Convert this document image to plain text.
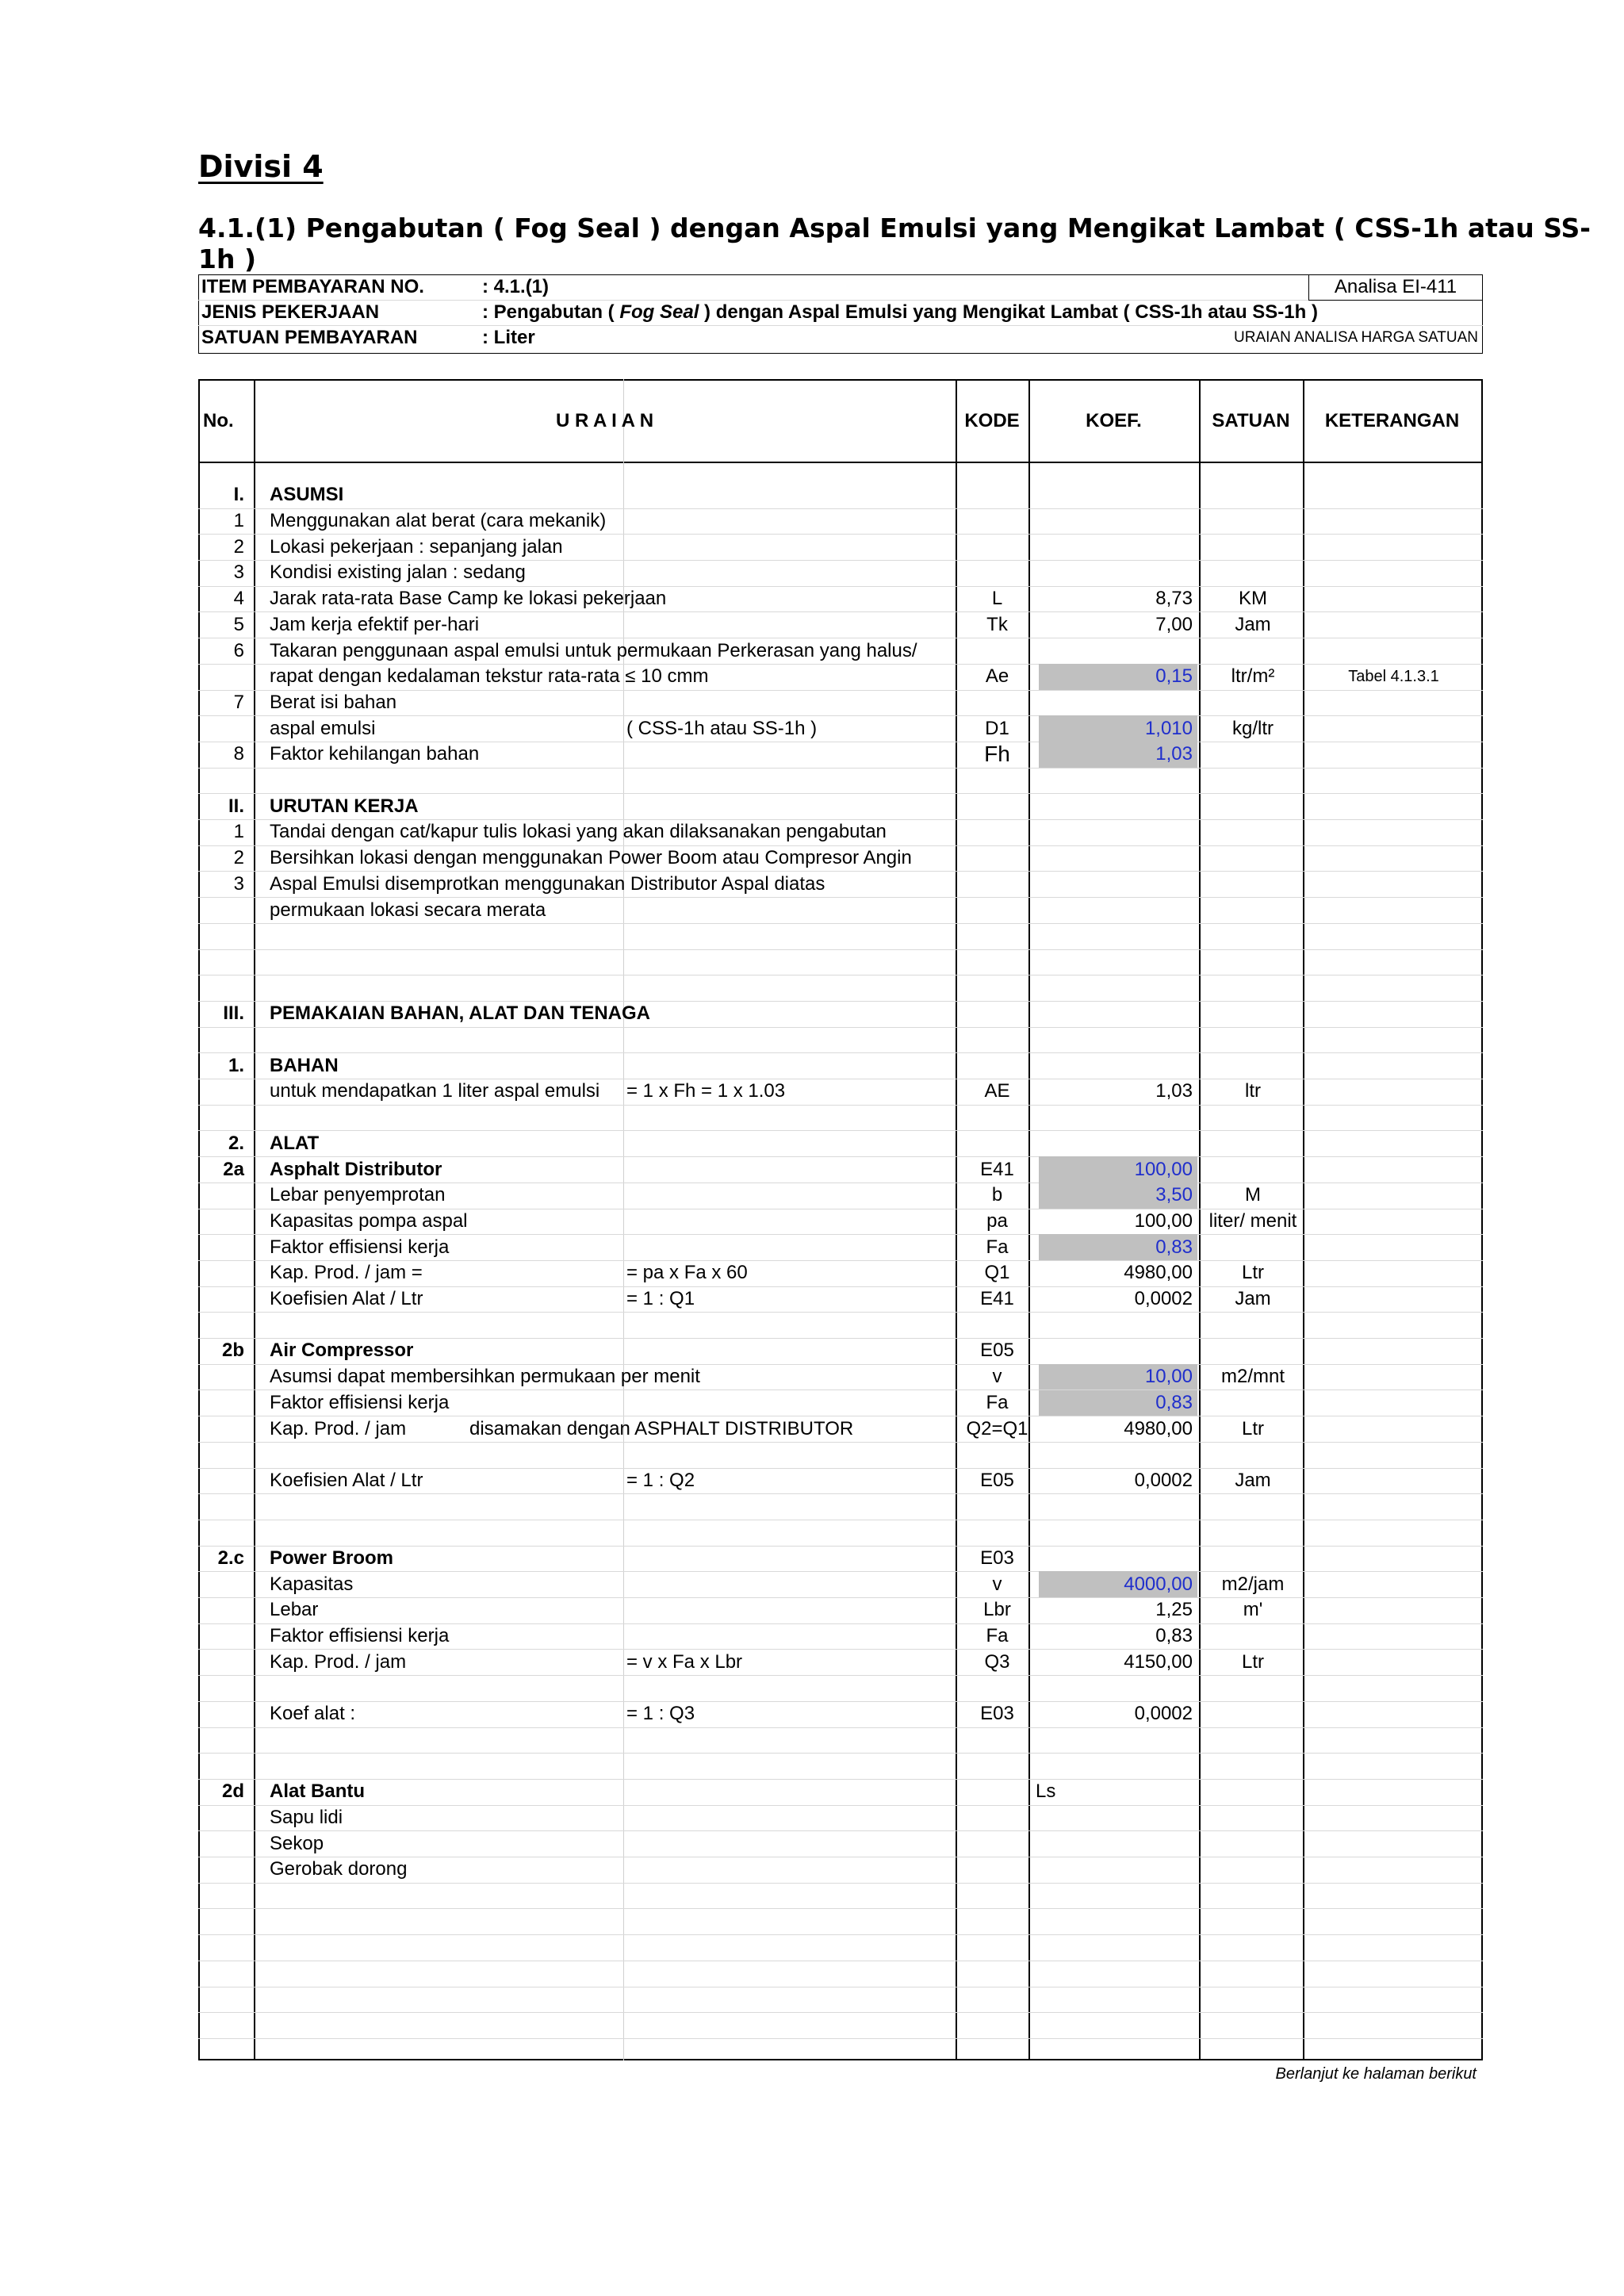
Divisi 4
4.1.(1) Pengabutan ( Fog Seal ) dengan Aspal Emulsi yang Mengikat Lambat ( CSS-1h atau SS-1h )
ITEM PEMBAYARAN NO.	: 4.1.(1)	Analisa EI-411
JENIS PEKERJAAN	: Pengabutan ( Fog Seal ) dengan Aspal Emulsi yang Mengikat Lambat ( CSS-1h atau SS-1h )
SATUAN PEMBAYARAN	: Liter	URAIAN ANALISA HARGA SATUAN
No.	U R A I A N	KODE	KOEF.	SATUAN	KETERANGAN
I.	ASUMSI
1	Menggunakan alat berat (cara mekanik)
2	Lokasi pekerjaan : sepanjang jalan
3	Kondisi existing jalan : sedang
4	Jarak rata-rata Base Camp ke lokasi pekerjaan	L	8,73	KM
5	Jam kerja efektif per-hari	Tk	7,00	Jam
6	Takaran penggunaan aspal emulsi untuk permukaan Perkerasan yang halus/
rapat dengan kedalaman tekstur rata-rata ≤ 10 cmm	Ae	0,15	ltr/m²	Tabel 4.1.3.1
7	Berat isi bahan
aspal emulsi	( CSS-1h atau SS-1h )	D1	1,010	kg/ltr
8	Faktor kehilangan bahan	Fh	1,03
II.	URUTAN KERJA
1	Tandai dengan cat/kapur tulis lokasi yang akan dilaksanakan pengabutan
2	Bersihkan lokasi dengan menggunakan Power Boom atau Compresor Angin
3	Aspal Emulsi disemprotkan menggunakan Distributor Aspal diatas
permukaan lokasi secara merata
III.	PEMAKAIAN BAHAN, ALAT DAN TENAGA
1.	BAHAN
untuk mendapatkan 1 liter aspal emulsi = 1 x Fh = 1 x 1.03	AE	1,03	ltr
2.	ALAT
2a	Asphalt Distributor	E41	100,00
Lebar penyemprotan	b	3,50	M
Kapasitas pompa aspal	pa	100,00 liter/ menit
Faktor effisiensi kerja	Fa	0,83
Kap. Prod. / jam =	= pa x Fa x 60	Q1	4980,00	Ltr
Koefisien Alat / Ltr	= 1 : Q1	E41	0,0002	Jam
2b	Air Compressor	E05
Asumsi dapat membersihkan permukaan per menit	v	10,00	m2/mnt
Faktor effisiensi kerja	Fa	0,83
Kap. Prod. / jam	disamakan dengan ASPHALT DISTRIBUTOR	Q2=Q1	4980,00	Ltr
Koefisien Alat / Ltr	= 1 : Q2	E05	0,0002	Jam
2.c	Power Broom	E03
Kapasitas	v	4000,00	m2/jam
Lebar	Lbr	1,25	m'
Faktor effisiensi kerja	Fa	0,83
Kap. Prod. / jam	= v x Fa x Lbr	Q3	4150,00	Ltr
Koef alat :	= 1 : Q3	E03	0,0002
2d	Alat Bantu	Ls
Sapu lidi
Sekop
Gerobak dorong
Berlanjut ke halaman berikut
